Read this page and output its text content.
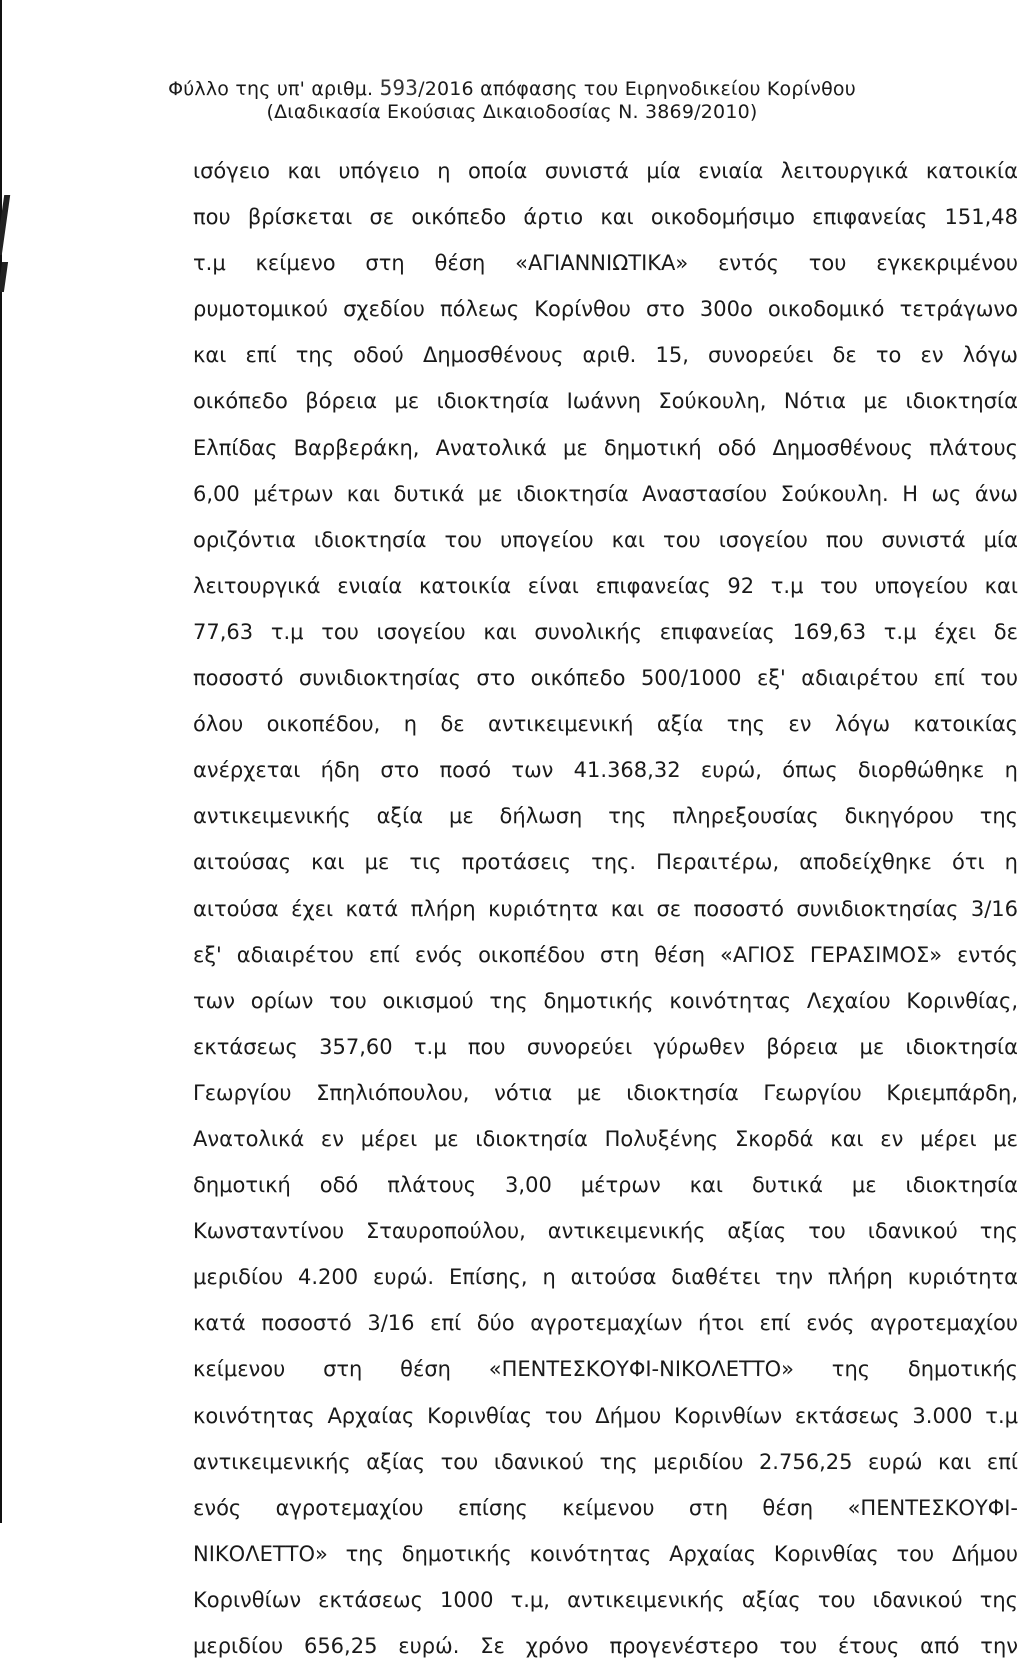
Φύλλο της υπ' αριθμ. 593/2016 απόφασης του Ειρηνοδικείου Κορίνθου
(Διαδικασία Εκούσιας Δικαιοδοσίας Ν. 3869/2010)
ισόγειο και υπόγειο η οποία συνιστά μία ενιαία λειτουργικά κατοικία
που βρίσκεται σε οικόπεδο άρτιο και οικοδομήσιμο επιφανείας 151,48
τ.μ κείμενο στη θέση «ΑΓΙΑΝΝΙΩΤΙΚΑ» εντός του εγκεκριμένου
ρυμοτομικού σχεδίου πόλεως Κορίνθου στο 300ο οικοδομικό τετράγωνο
και επί της οδού Δημοσθένους αριθ. 15, συνορεύει δε το εν λόγω
οικόπεδο βόρεια με ιδιοκτησία Ιωάννη Σούκουλη, Νότια με ιδιοκτησία
Ελπίδας Βαρβεράκη, Ανατολικά με δημοτική οδό Δημοσθένους πλάτους
6,00 μέτρων και δυτικά με ιδιοκτησία Αναστασίου Σούκουλη. Η ως άνω
οριζόντια ιδιοκτησία του υπογείου και του ισογείου που συνιστά μία
λειτουργικά ενιαία κατοικία είναι επιφανείας 92 τ.μ του υπογείου και
77,63 τ.μ του ισογείου και συνολικής επιφανείας 169,63 τ.μ έχει δε
ποσοστό συνιδιοκτησίας στο οικόπεδο 500/1000 εξ' αδιαιρέτου επί του
όλου οικοπέδου, η δε αντικειμενική αξία της εν λόγω κατοικίας
ανέρχεται ήδη στο ποσό των 41.368,32 ευρώ, όπως διορθώθηκε η
αντικειμενικής αξία με δήλωση της πληρεξουσίας δικηγόρου της
αιτούσας και με τις προτάσεις της. Περαιτέρω, αποδείχθηκε ότι η
αιτούσα έχει κατά πλήρη κυριότητα και σε ποσοστό συνιδιοκτησίας 3/16
εξ' αδιαιρέτου επί ενός οικοπέδου στη θέση «ΑΓΙΟΣ ΓΕΡΑΣΙΜΟΣ» εντός
των ορίων του οικισμού της δημοτικής κοινότητας Λεχαίου Κορινθίας,
εκτάσεως 357,60 τ.μ που συνορεύει γύρωθεν βόρεια με ιδιοκτησία
Γεωργίου Σπηλιόπουλου, νότια με ιδιοκτησία Γεωργίου Κριεμπάρδη,
Ανατολικά εν μέρει με ιδιοκτησία Πολυξένης Σκορδά και εν μέρει με
δημοτική οδό πλάτους 3,00 μέτρων και δυτικά με ιδιοκτησία
Κωνσταντίνου Σταυροπούλου, αντικειμενικής αξίας του ιδανικού της
μεριδίου 4.200 ευρώ. Επίσης, η αιτούσα διαθέτει την πλήρη κυριότητα
κατά ποσοστό 3/16 επί δύο αγροτεμαχίων ήτοι επί ενός αγροτεμαχίου
κείμενου στη θέση «ΠΕΝΤΕΣΚΟΥΦΙ-ΝΙΚΟΛΕΤΤΟ» της δημοτικής
κοινότητας Αρχαίας Κορινθίας του Δήμου Κορινθίων εκτάσεως 3.000 τ.μ
αντικειμενικής αξίας του ιδανικού της μεριδίου 2.756,25 ευρώ και επί
ενός αγροτεμαχίου επίσης κείμενου στη θέση «ΠΕΝΤΕΣΚΟΥΦΙ-
ΝΙΚΟΛΕΤΤΟ» της δημοτικής κοινότητας Αρχαίας Κορινθίας του Δήμου
Κορινθίων εκτάσεως 1000 τ.μ, αντικειμενικής αξίας του ιδανικού της
μεριδίου 656,25 ευρώ. Σε χρόνο προγενέστερο του έτους από την
